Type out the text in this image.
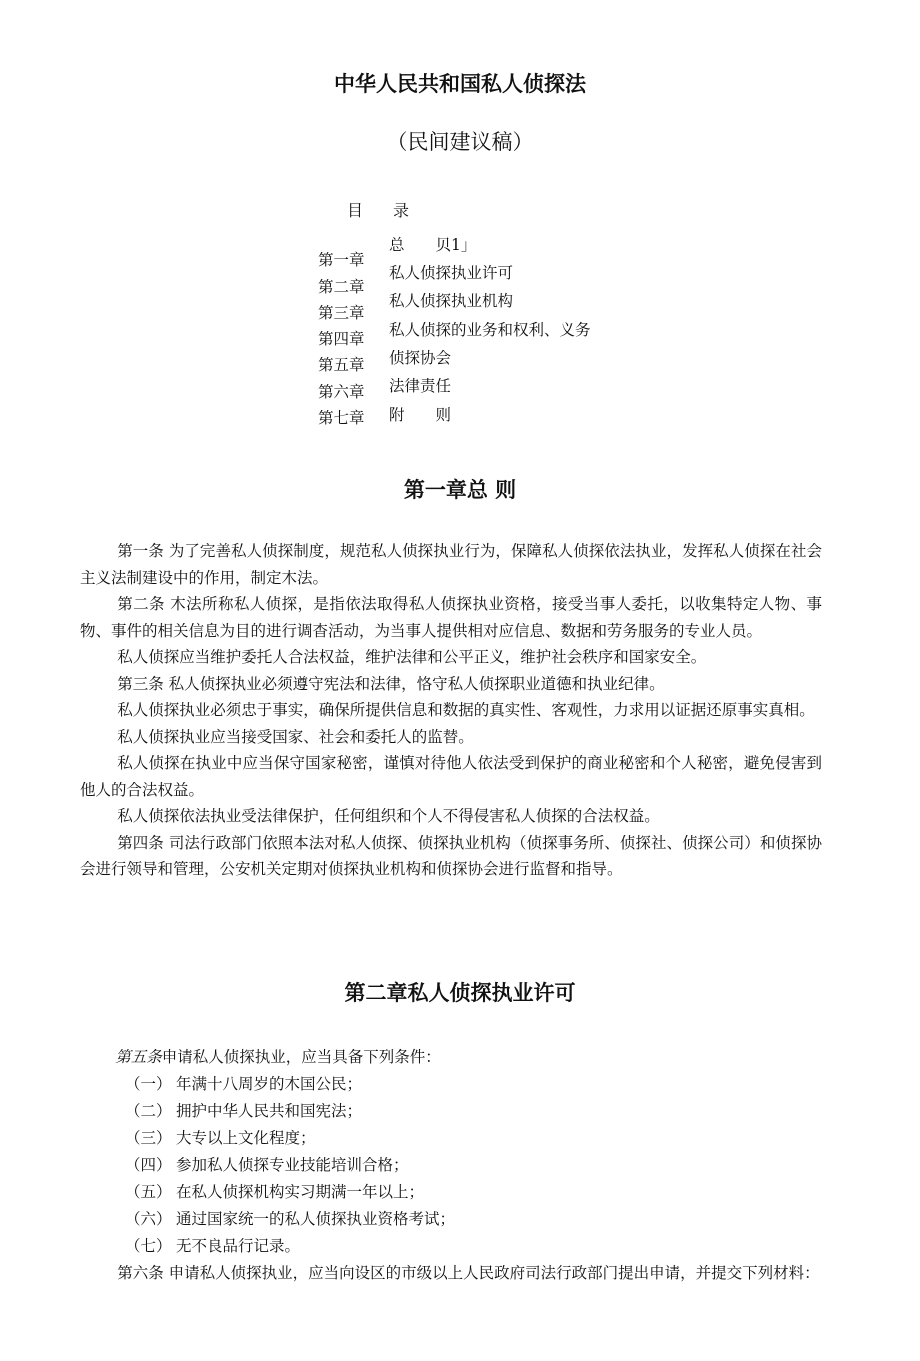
中华人民共和国私人侦探法
（民间建议稿）
目 录
总　　贝1」
第一章
私人侦探执业许可
第二章
私人侦探执业机构
第三章
私人侦探的业务和权利、义务
第四章
侦探协会
第五章
法律责任
第六章
附　　则
第七章
第一章总 则

第一条 为了完善私人侦探制度，规范私人侦探执业行为，保障私人侦探依法执业，发挥私人侦探在社会主义法制建设中的作用，制定木法。

第二条 木法所称私人侦探，是指依法取得私人侦探执业资格，接受当事人委托，以收集特定人物、事物、事件的相关信息为目的进行调杳活动，为当事人提供相对应信息、数据和劳务服务的专业人员。

私人侦探应当维护委托人合法权益，维护法律和公平正义，维护社会秩序和国家安全。

第三条 私人侦探执业必须遵守宪法和法律，恪守私人侦探职业道德和执业纪律。

私人侦探执业必须忠于事实，确保所提供信息和数据的真实性、客观性，力求用以证据还原事实真相。

私人侦探执业应当接受国家、社会和委托人的监替。

私人侦探在执业中应当保守国家秘密，谨慎对待他人依法受到保护的商业秘密和个人秘密，避免侵害到他人的合法权益。

私人侦探依法执业受法律保护，任何组织和个人不得侵害私人侦探的合法权益。

第四条 司法行政部门依照本法对私人侦探、侦探执业机构（侦探事务所、侦探社、侦探公司）和侦探协会进行领导和管理，公安机关定期对侦探执业机构和侦探协会进行监督和指导。

第二章私人侦探执业许可

第五条申请私人侦探执业，应当具备下列条件：

（一） 年满十八周岁的木国公民；
（二） 拥护中华人民共和国宪法；
（三） 大专以上文化程度；
（四） 参加私人侦探专业技能培训合格；
（五） 在私人侦探机构实习期满一年以上；
（六） 通过国家统一的私人侦探执业资格考试；
（七） 无不良品行记录。

第六条 申请私人侦探执业，应当向设区的市级以上人民政府司法行政部门提出申请，并提交下列材料：
